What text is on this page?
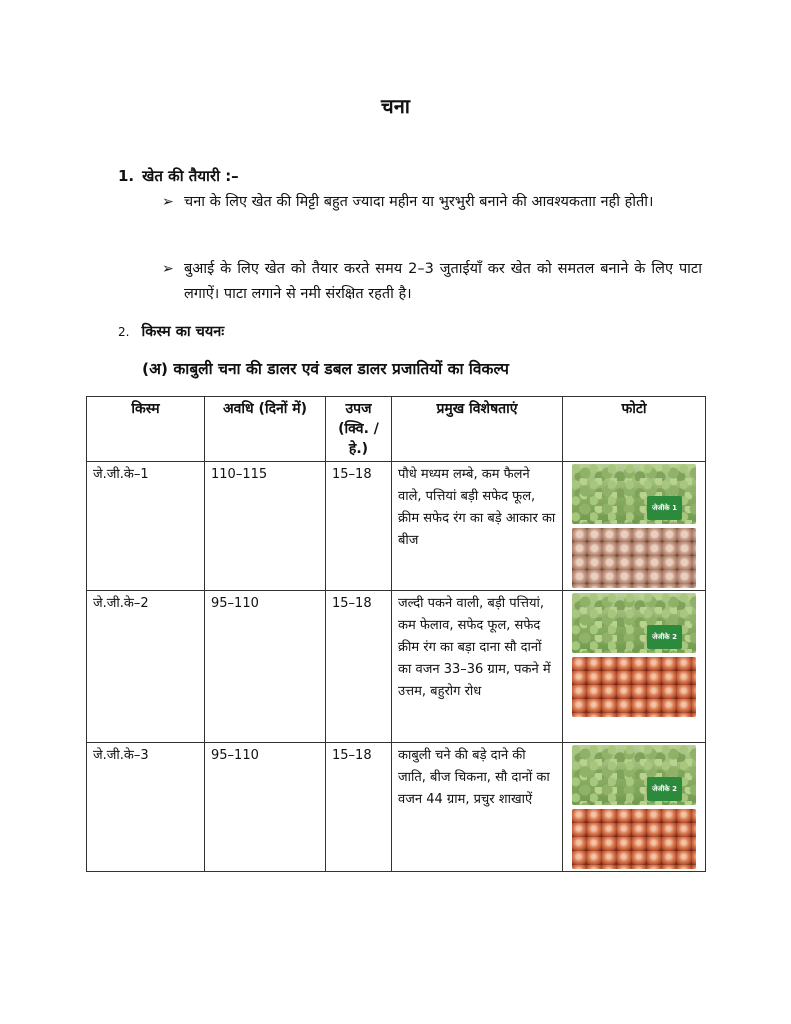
चना
1. खेत की तैयारी :–
➢ चना के लिए खेत की मिट्टी बहुत ज्यादा महीन या भुरभुरी बनाने की आवश्यकताा नही होती।
➢ बुआई के लिए खेत को तैयार करते समय 2–3 जुताईयाँ कर खेत को समतल बनाने के लिए पाटा लगाऐं। पाटा लगाने से नमी संरक्षित रहती है।
2. किस्म का चयनः
(अ) काबुली चना की डालर एवं डबल डालर प्रजातियों का विकल्प
किस्म	अवधि (दिनों में)	उपज (क्वि. / हे.)	प्रमुख विशेषताएं	फोटो
जे.जी.के–1	110–115	15–18	पौधे मध्यम लम्बे, कम फैलने वाले, पत्तियां बड़ी सफेद फूल, क्रीम सफेद रंग का बड़े आकार का बीज	जेजीके 1

जे.जी.के–2	95–110	15–18	जल्दी पकने वाली, बड़ी पत्तियां, कम फेलाव, सफेद फूल, सफेद क्रीम रंग का बड़ा दाना सौ दानों का वजन 33–36 ग्राम, पकने में उत्तम, बहुरोग रोध	जेजीके 2

जे.जी.के–3	95–110	15–18	काबुली चने की बड़े दाने की जाति, बीज चिकना, सौ दानों का वजन 44 ग्राम, प्रचुर शाखाऐं	जेजीके 2
